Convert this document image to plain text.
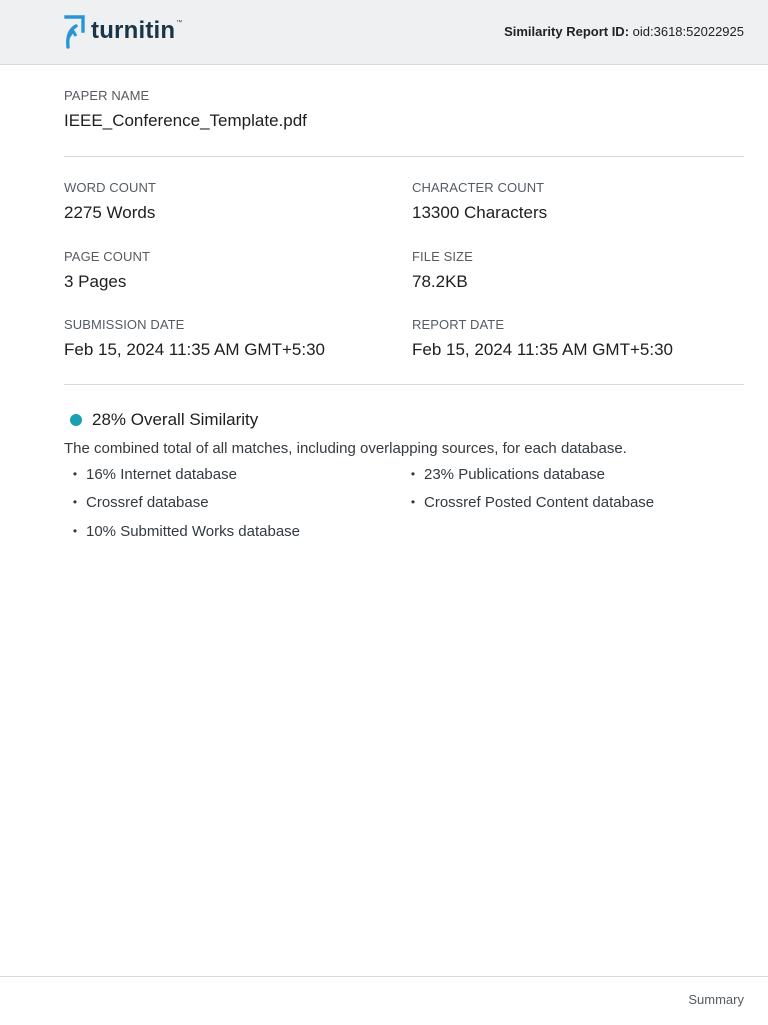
turnitin ™
Similarity Report ID: oid:3618:52022925
PAPER NAME
IEEE_Conference_Template.pdf
WORD COUNT
2275 Words
CHARACTER COUNT
13300 Characters
PAGE COUNT
3 Pages
FILE SIZE
78.2KB
SUBMISSION DATE
Feb 15, 2024 11:35 AM GMT+5:30
REPORT DATE
Feb 15, 2024 11:35 AM GMT+5:30
28% Overall Similarity
The combined total of all matches, including overlapping sources, for each database.
• 16% Internet database	• 23% Publications database
• Crossref database	• Crossref Posted Content database
• 10% Submitted Works database
Summary
